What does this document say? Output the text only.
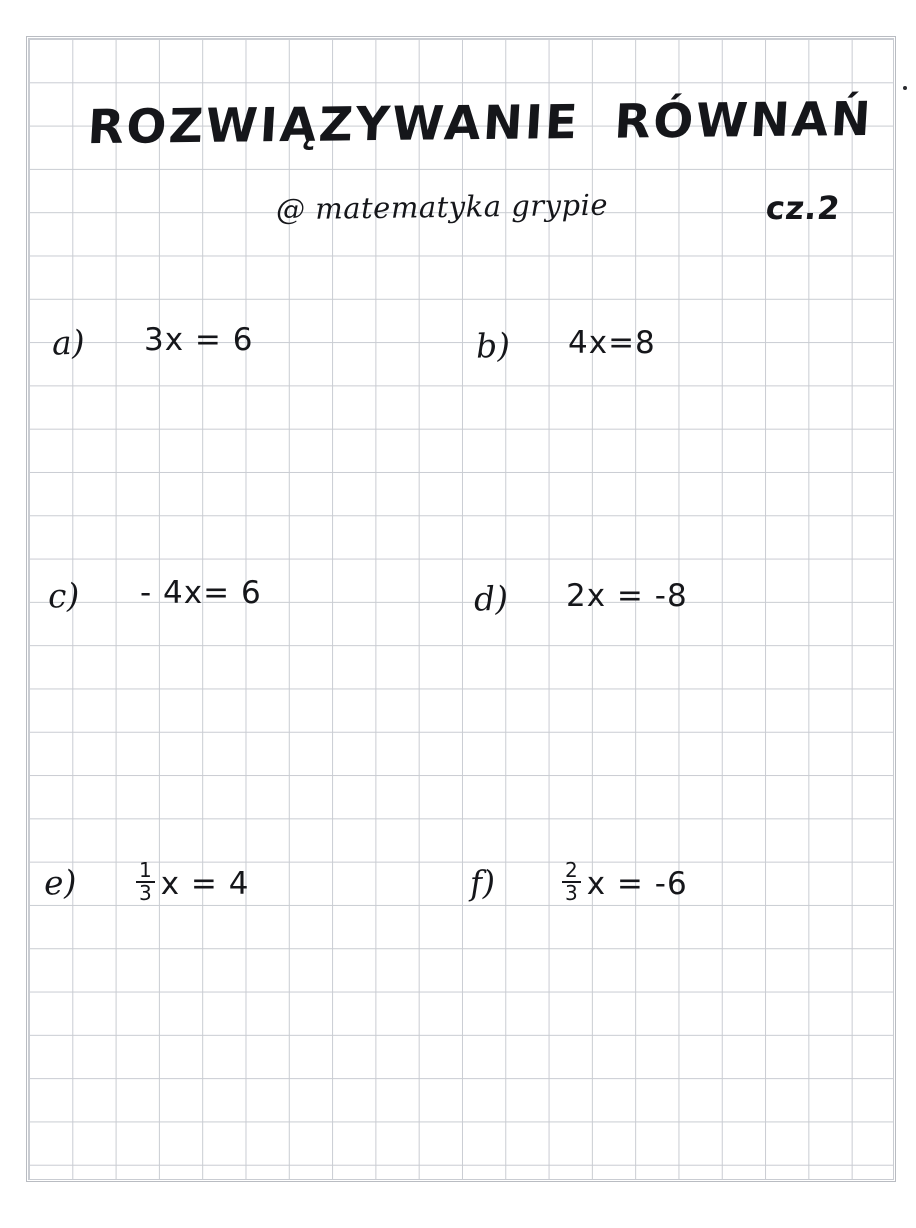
ROZWIĄZYWANIE RÓWNAŃ
@ matematyka grypie	cz.2
a)	3x = 6	b)	4x=8
c)	- 4x= 6	d)	2x = -8
e)	$\frac{1}{3}$ x = 4	f)	$\frac{2}{3}$ x = -6
